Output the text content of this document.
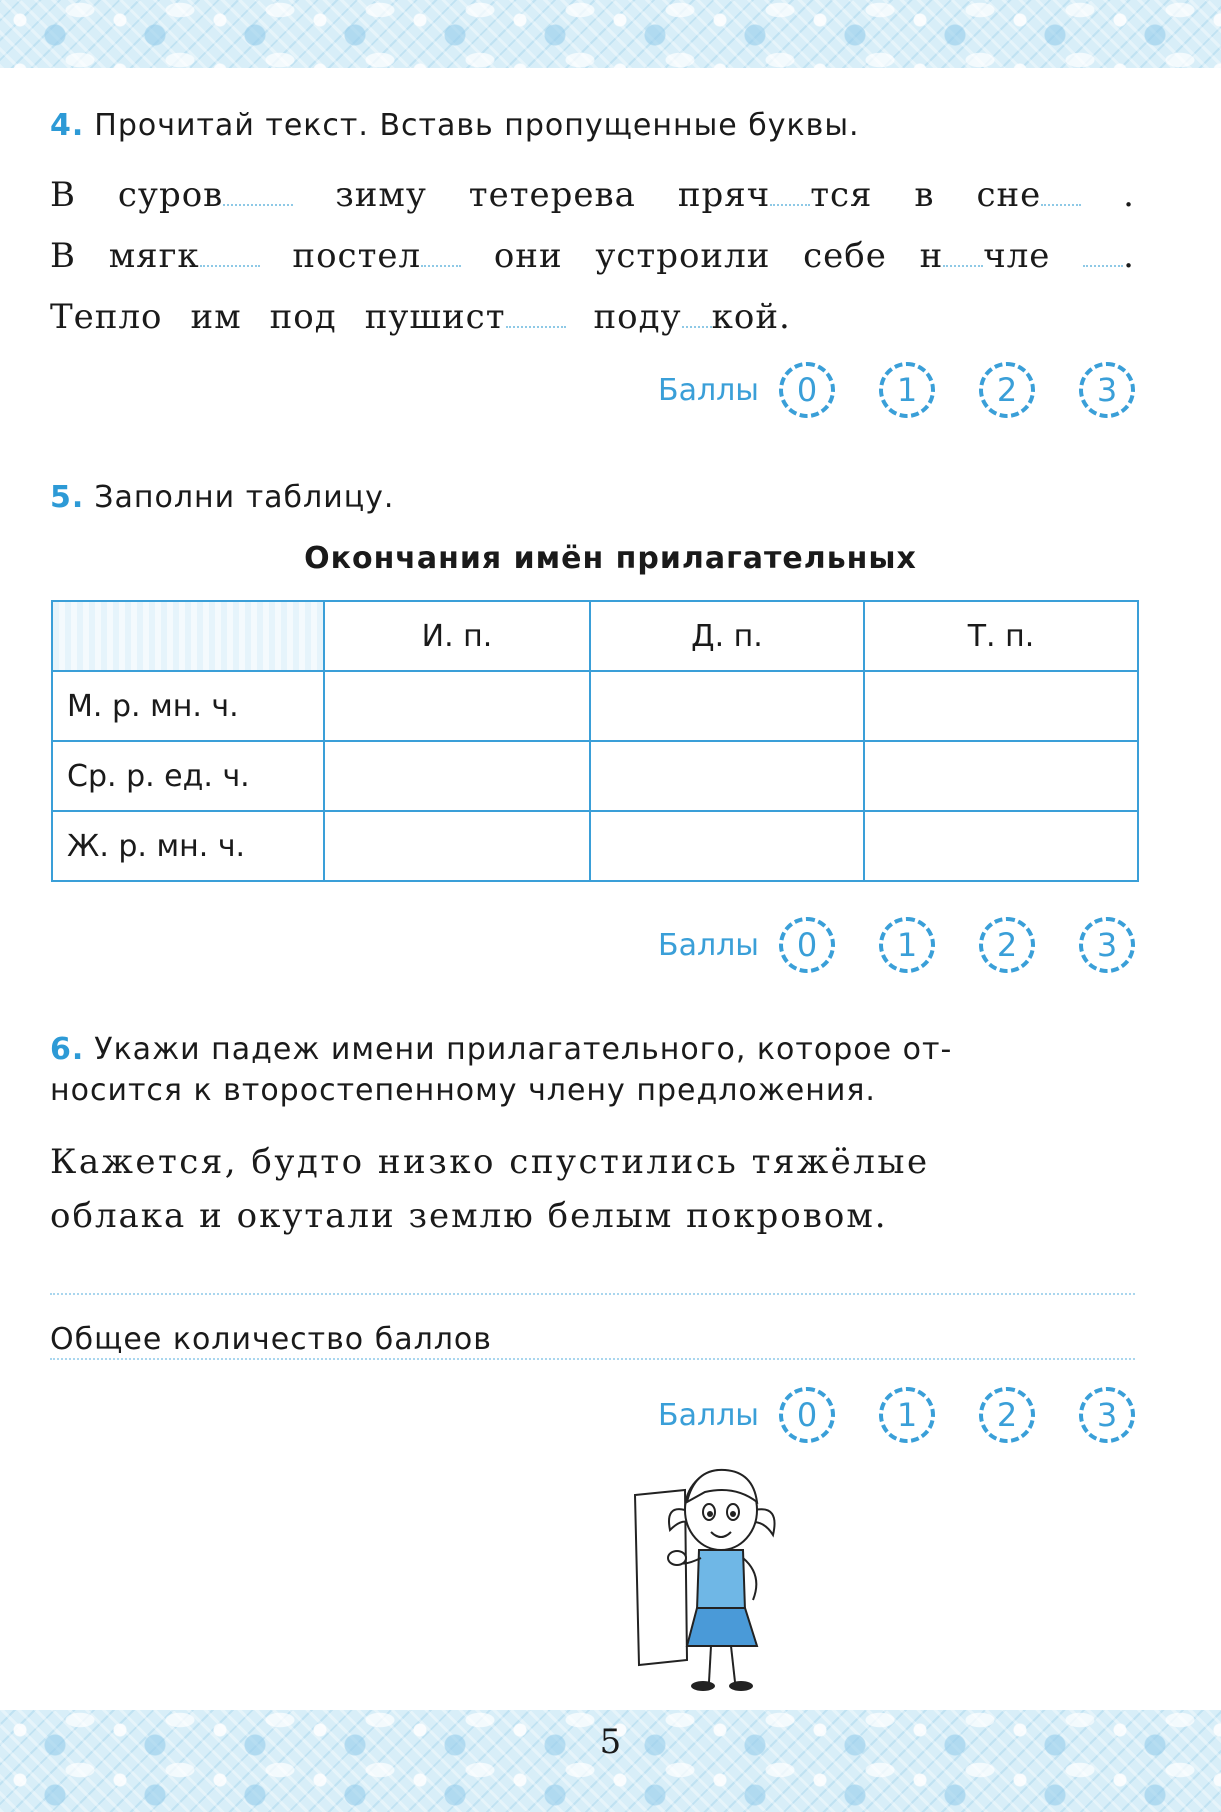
4. Прочитай текст. Вставь пропущенные буквы.
В суров	зиму тетерева пряч тся в сне	.
В мягк	постел	они устроили себе н чле	.
Тепло им под пушист	поду кой.
Баллы	0	1	2	3
5. Заполни таблицу.
Окончания имён прилагательных
	И. п.	Д. п.	Т. п.
М. р. мн. ч.			
Ср. р. ед. ч.			
Ж. р. мн. ч.			
Баллы	0	1	2	3
6. Укажи падеж имени прилагательного, которое от-
носится к второстепенному члену предложения.
Кажется, будто низко спустились тяжёлые
облака и окутали землю белым покровом.
Баллы	0	1	2	3
Общее количество баллов
5
